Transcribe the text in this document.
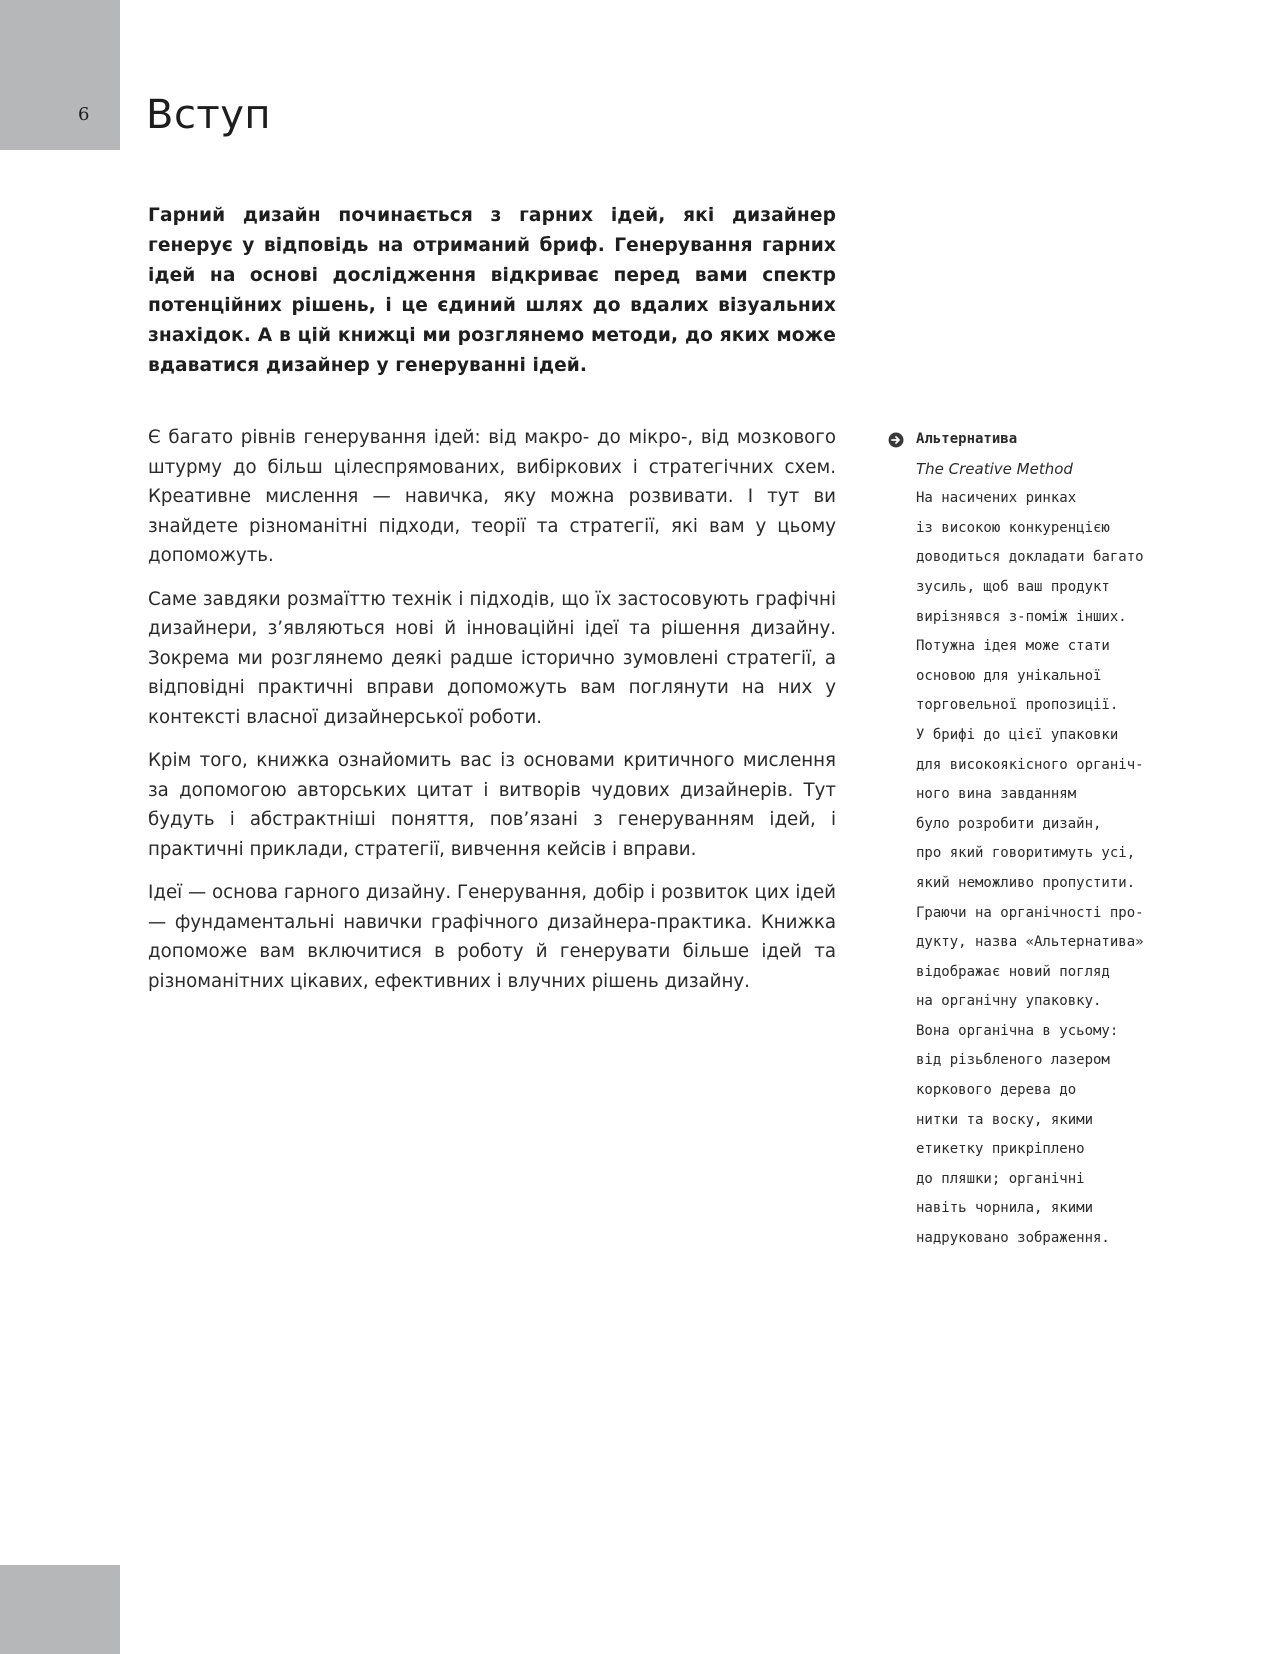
6 Вступ

Гарний дизайн починається з гарних ідей, які дизайнер генерує у відповідь на отриманий бриф. Генерування гарних ідей на основі дослідження відкриває перед вами спектр потенційних рішень, і це єдиний шлях до вдалих візуальних знахідок. А в цій книжці ми розглянемо методи, до яких може вдаватися дизайнер у генеруванні ідей.

Є багато рівнів генерування ідей: від макро- до мікро-, від мозкового штурму до більш цілеспрямованих, вибіркових і стратегічних схем. Креативне мислення — навичка, яку можна розвивати. І тут ви знайдете різноманітні підходи, теорії та стратегії, які вам у цьому допоможуть.

Саме завдяки розмаїттю технік і підходів, що їх застосовують графічні дизайнери, з’являються нові й інноваційні ідеї та рішення дизайну. Зокрема ми розглянемо деякі радше історично зумовлені стратегії, а відповідні практичні вправи допоможуть вам поглянути на них у контексті власної дизайнерської роботи.

Крім того, книжка ознайомить вас із основами критичного мислення за допомогою авторських цитат і витворів чудових дизайнерів. Тут будуть і абстрактніші поняття, пов’язані з генеруванням ідей, і практичні приклади, стратегії, вивчення кейсів і вправи.

Ідеї — основа гарного дизайну. Генерування, добір і розвиток цих ідей — фундаментальні навички графічного дизайнера-практика. Книжка допоможе вам включитися в роботу й генерувати більше ідей та різноманітних цікавих, ефективних і влучних рішень дизайну.

Альтернатива
The Creative Method
На насичених ринках
із високою конкуренцією
доводиться докладати багато
зусиль, щоб ваш продукт
вирізнявся з-поміж інших.
Потужна ідея може стати
основою для унікальної
торговельної пропозиції.
У брифі до цієї упаковки
для високоякісного органіч-
ного вина завданням
було розробити дизайн,
про який говоритимуть усі,
який неможливо пропустити.
Граючи на органічності про-
дукту, назва «Альтернатива»
відображає новий погляд
на органічну упаковку.
Вона органічна в усьому:
від різьбленого лазером
коркового дерева до
нитки та воску, якими
етикетку прикріплено
до пляшки; органічні
навіть чорнила, якими
надруковано зображення.
